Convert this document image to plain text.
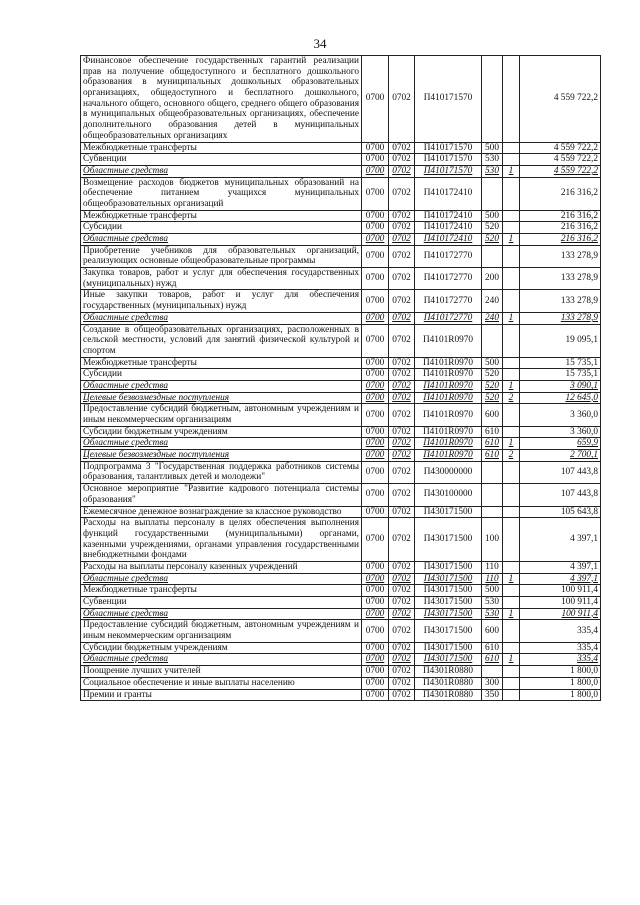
34
Финансовое обеспечение государственных гарантий реализации прав на получение общедоступного и бесплатного дошкольного образования в муниципальных дошкольных образовательных организациях, общедоступного и бесплатного дошкольного, начального общего, основного общего, среднего общего образования в муниципальных общеобразовательных организациях, обеспечение дополнительного образования детей в муниципальных общеобразовательных организациях	0700	0702	П410171570			4 559 722,2
Межбюджетные трансферты	0700	0702	П410171570	500		4 559 722,2
Субвенции	0700	0702	П410171570	530		4 559 722,2
Областные средства	0700	0702	П410171570	530	1	4 559 722,2
Возмещение расходов бюджетов муниципальных образований на обеспечение питанием учащихся муниципальных общеобразовательных организаций	0700	0702	П410172410			216 316,2
Межбюджетные трансферты	0700	0702	П410172410	500		216 316,2
Субсидии	0700	0702	П410172410	520		216 316,2
Областные средства	0700	0702	П410172410	520	1	216 316,2
Приобретение учебников для образовательных организаций, реализующих основные общеобразовательные программы	0700	0702	П410172770			133 278,9
Закупка товаров, работ и услуг для обеспечения государственных (муниципальных) нужд	0700	0702	П410172770	200		133 278,9
Иные закупки товаров, работ и услуг для обеспечения государственных (муниципальных) нужд	0700	0702	П410172770	240		133 278,9
Областные средства	0700	0702	П410172770	240	1	133 278,9
Создание в общеобразовательных организациях, расположенных в сельской местности, условий для занятий физической культурой и спортом	0700	0702	П4101R0970			19 095,1
Межбюджетные трансферты	0700	0702	П4101R0970	500		15 735,1
Субсидии	0700	0702	П4101R0970	520		15 735,1
Областные средства	0700	0702	П4101R0970	520	1	3 090,1
Целевые безвозмездные поступления	0700	0702	П4101R0970	520	2	12 645,0
Предоставление субсидий бюджетным, автономным учреждениям и иным некоммерческим организациям	0700	0702	П4101R0970	600		3 360,0
Субсидии бюджетным учреждениям	0700	0702	П4101R0970	610		3 360,0
Областные средства	0700	0702	П4101R0970	610	1	659,9
Целевые безвозмездные поступления	0700	0702	П4101R0970	610	2	2 700,1
Подпрограмма 3 "Государственная поддержка работников системы образования, талантливых детей и молодежи"	0700	0702	П430000000			107 443,8
Основное мероприятие "Развитие кадрового потенциала системы образования"	0700	0702	П430100000			107 443,8
Ежемесячное денежное вознаграждение за классное руководство	0700	0702	П430171500			105 643,8
Расходы на выплаты персоналу в целях обеспечения выполнения функций государственными (муниципальными) органами, казенными учреждениями, органами управления государственными внебюджетными фондами	0700	0702	П430171500	100		4 397,1
Расходы на выплаты персоналу казенных учреждений	0700	0702	П430171500	110		4 397,1
Областные средства	0700	0702	П430171500	110	1	4 397,1
Межбюджетные трансферты	0700	0702	П430171500	500		100 911,4
Субвенции	0700	0702	П430171500	530		100 911,4
Областные средства	0700	0702	П430171500	530	1	100 911,4
Предоставление субсидий бюджетным, автономным учреждениям и иным некоммерческим организациям	0700	0702	П430171500	600		335,4
Субсидии бюджетным учреждениям	0700	0702	П430171500	610		335,4
Областные средства	0700	0702	П430171500	610	1	335,4
Поощрение лучших учителей	0700	0702	П4301R0880			1 800,0
Социальное обеспечение и иные выплаты населению	0700	0702	П4301R0880	300		1 800,0
Премии и гранты	0700	0702	П4301R0880	350		1 800,0
